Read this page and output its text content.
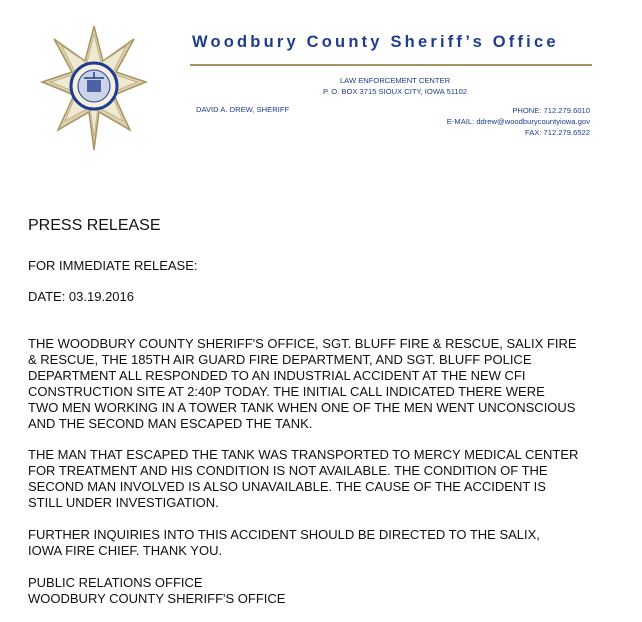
Woodbury County Sheriff’s Office
LAW ENFORCEMENT CENTER
P. O. BOX 3715 SIOUX CITY, IOWA 51102
DAVID A. DREW, SHERIFF	PHONE: 712.279.6010
E-MAIL: ddrew@woodburycountyiowa.gov
FAX: 712.279.6522
PRESS RELEASE
FOR IMMEDIATE RELEASE:
DATE: 03.19.2016
THE WOODBURY COUNTY SHERIFF'S OFFICE, SGT. BLUFF FIRE & RESCUE, SALIX FIRE
& RESCUE, THE 185TH AIR GUARD FIRE DEPARTMENT, AND SGT. BLUFF POLICE
DEPARTMENT ALL RESPONDED TO AN INDUSTRIAL ACCIDENT AT THE NEW CFI
CONSTRUCTION SITE AT 2:40P TODAY. THE INITIAL CALL INDICATED THERE WERE
TWO MEN WORKING IN A TOWER TANK WHEN ONE OF THE MEN WENT UNCONSCIOUS
AND THE SECOND MAN ESCAPED THE TANK.
THE MAN THAT ESCAPED THE TANK WAS TRANSPORTED TO MERCY MEDICAL CENTER
FOR TREATMENT AND HIS CONDITION IS NOT AVAILABLE. THE CONDITION OF THE
SECOND MAN INVOLVED IS ALSO UNAVAILABLE. THE CAUSE OF THE ACCIDENT IS
STILL UNDER INVESTIGATION.
FURTHER INQUIRIES INTO THIS ACCIDENT SHOULD BE DIRECTED TO THE SALIX,
IOWA FIRE CHIEF. THANK YOU.
PUBLIC RELATIONS OFFICE
WOODBURY COUNTY SHERIFF'S OFFICE
